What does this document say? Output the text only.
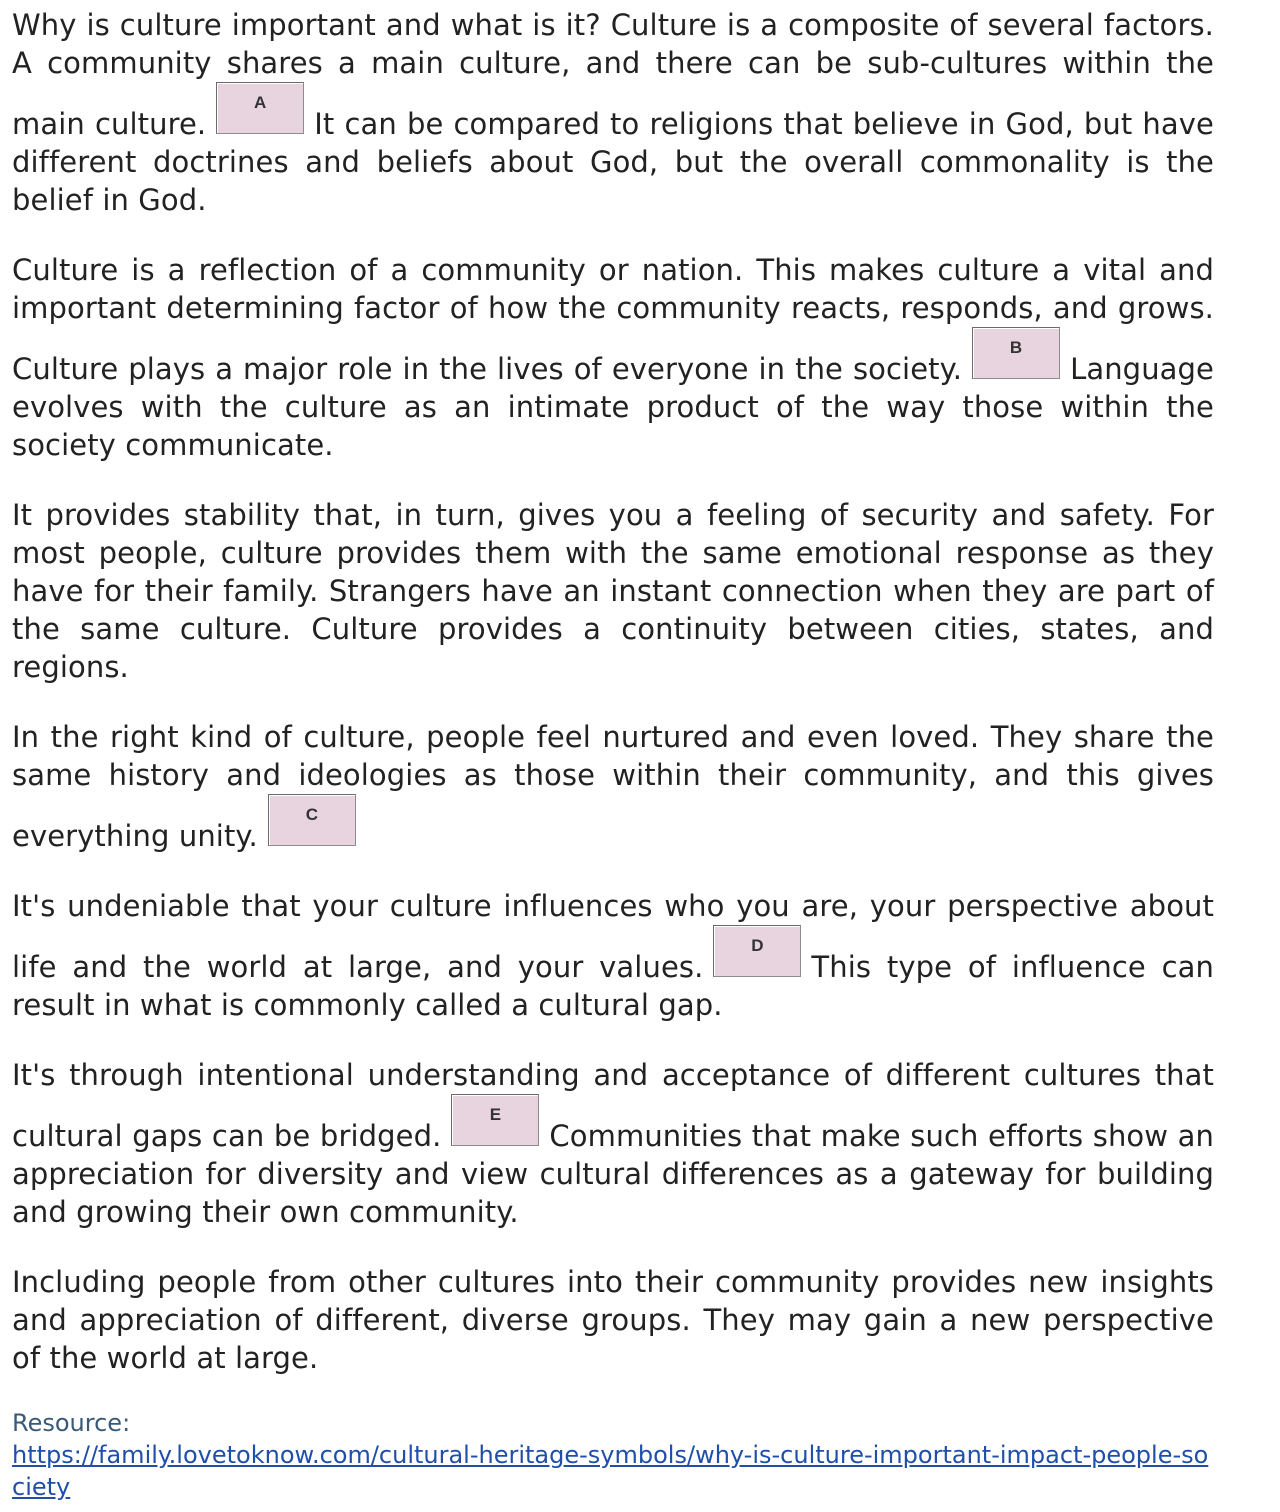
Why is culture important and what is it? Culture is a composite of several factors. A community shares a main culture, and there can be sub-cultures within the main culture.
A
It can be compared to religions that believe in God, but have different doctrines and beliefs about God, but the overall commonality is the belief in God.

Culture is a reflection of a community or nation. This makes culture a vital and important determining factor of how the community reacts, responds, and grows. Culture plays a major role in the lives of everyone in the society.
B
Language evolves with the culture as an intimate product of the way those within the society communicate.

It provides stability that, in turn, gives you a feeling of security and safety. For most people, culture provides them with the same emotional response as they have for their family. Strangers have an instant connection when they are part of the same culture. Culture provides a continuity between cities, states, and regions.

In the right kind of culture, people feel nurtured and even loved. They share the same history and ideologies as those within their community, and this gives everything unity.
C

It's undeniable that your culture influences who you are, your perspective about life and the world at large, and your values.
D
This type of influence can result in what is commonly called a cultural gap.

It's through intentional understanding and acceptance of different cultures that cultural gaps can be bridged.
E
Communities that make such efforts show an appreciation for diversity and view cultural differences as a gateway for building and growing their own community.

Including people from other cultures into their community provides new insights and appreciation of different, diverse groups. They may gain a new perspective of the world at large.

Resource:
https://family.lovetoknow.com/cultural-heritage-symbols/why-is-culture-important-impact-people-society
